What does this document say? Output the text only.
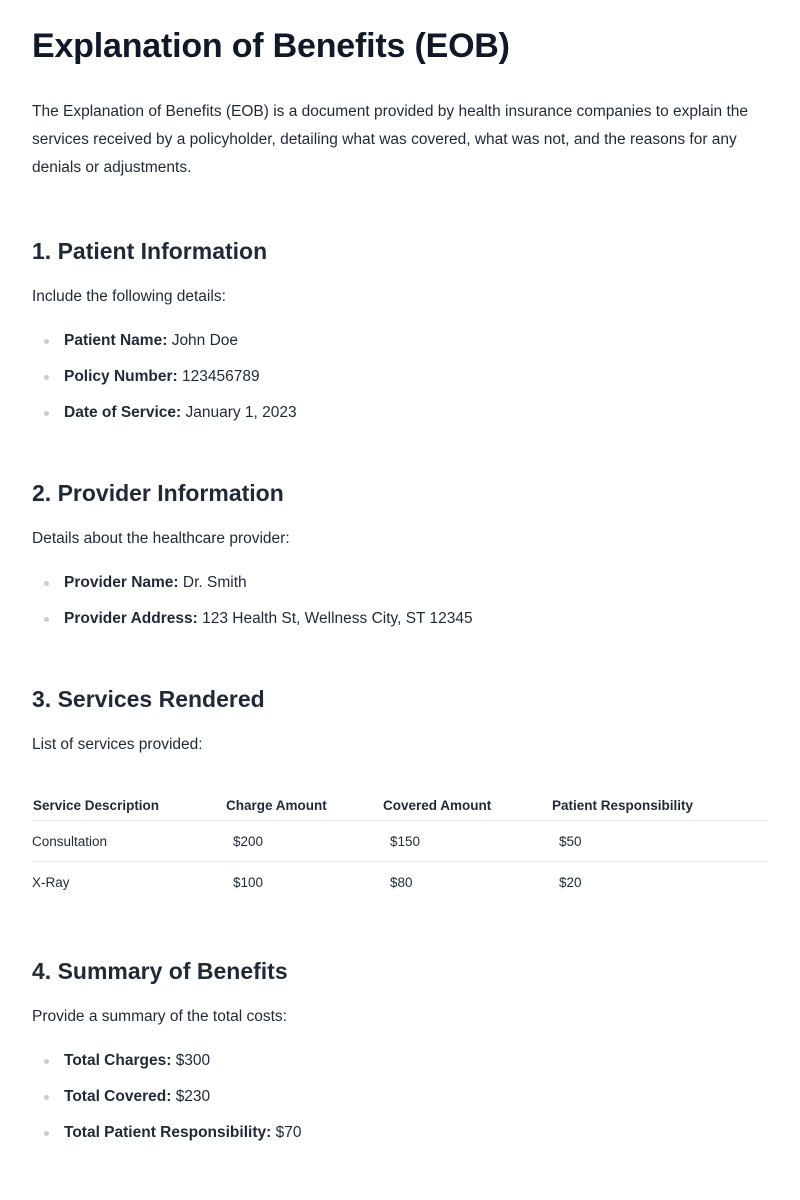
Explanation of Benefits (EOB)

The Explanation of Benefits (EOB) is a document provided by health insurance companies to explain the services received by a policyholder, detailing what was covered, what was not, and the reasons for any denials or adjustments.

1. Patient Information

Include the following details:

Patient Name: John Doe
Policy Number: 123456789
Date of Service: January 1, 2023
2. Provider Information

Details about the healthcare provider:

Provider Name: Dr. Smith
Provider Address: 123 Health St, Wellness City, ST 12345
3. Services Rendered

List of services provided:

Service Description	Charge Amount	Covered Amount	Patient Responsibility
Consultation	$200	$150	$50
X-Ray	$100	$80	$20
4. Summary of Benefits

Provide a summary of the total costs:

Total Charges: $300
Total Covered: $230
Total Patient Responsibility: $70
